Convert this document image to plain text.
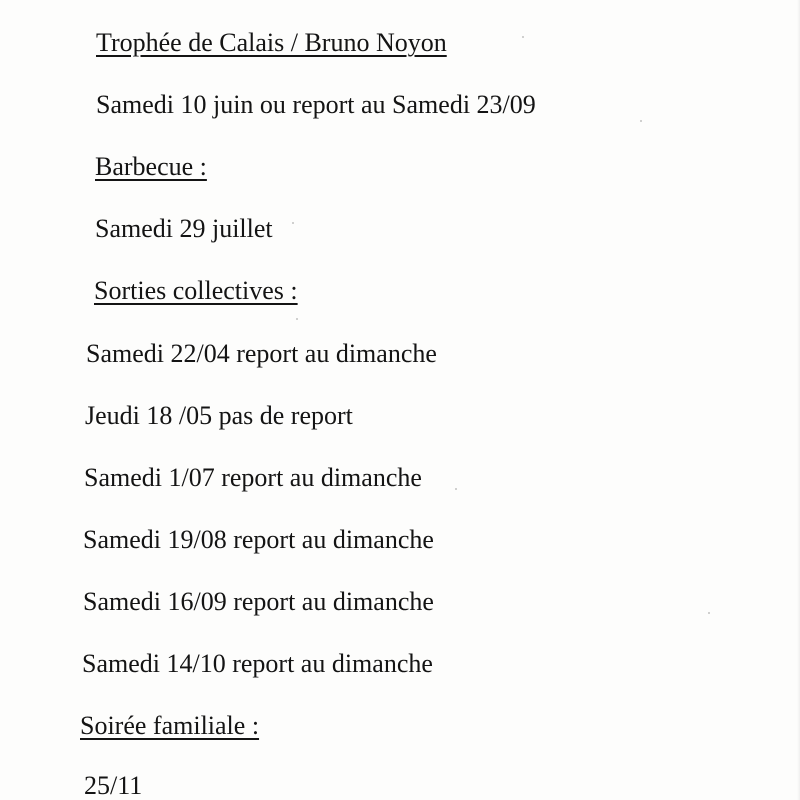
Trophée de Calais / Bruno Noyon

Samedi 10 juin ou report au Samedi 23/09

Barbecue :

Samedi 29 juillet

Sorties collectives :

Samedi 22/04 report au dimanche

Jeudi 18 /05 pas de report

Samedi 1/07 report au dimanche

Samedi 19/08 report au dimanche

Samedi 16/09 report au dimanche

Samedi 14/10 report au dimanche

Soirée familiale :

25/11
